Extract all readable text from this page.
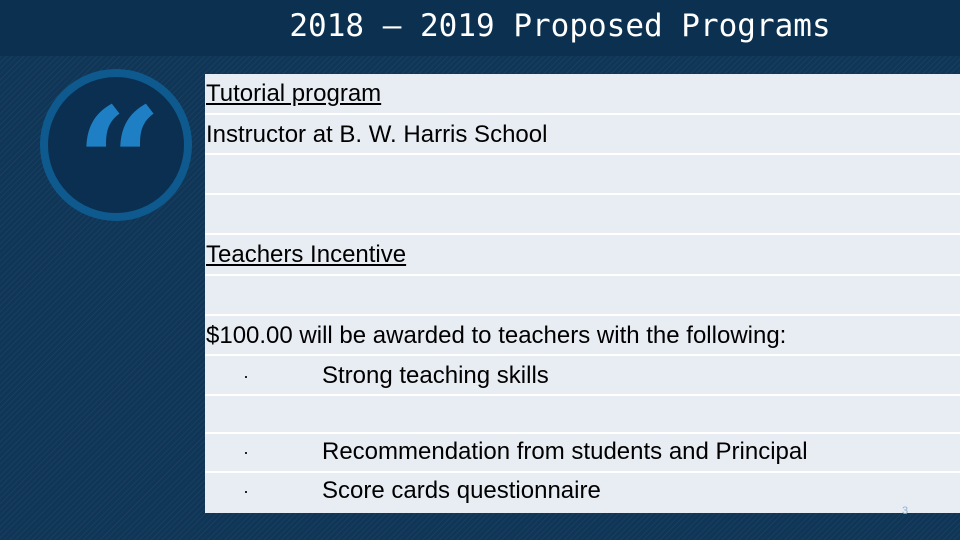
2018 – 2019 Proposed Programs
“ Tutorial program
Instructor at B. W. Harris School
Teachers Incentive
$100.00 will be awarded to teachers with the following:
·	Strong teaching skills
·	Recommendation from students and Principal
·	Score cards questionnaire
3
